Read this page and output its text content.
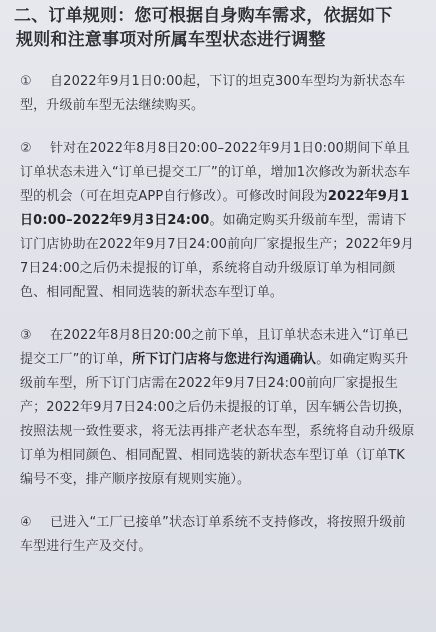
二、订单规则：您可根据自身购车需求，依据如下
规则和注意事项对所属车型状态进行调整

① 自2022年9月1日0:00起，下订的坦克300车型均为新状态车型，升级前车型无法继续购买。

② 针对在2022年8月8日20:00–2022年9月1日0:00期间下单且订单状态未进入“订单已提交工厂”的订单，增加1次修改为新状态车型的机会（可在坦克APP自行修改）。可修改时间段为2022年9月1日0:00–2022年9月3日24:00。如确定购买升级前车型，需请下订门店协助在2022年9月7日24:00前向厂家提报生产；2022年9月7日24:00之后仍未提报的订单，系统将自动升级原订单为相同颜色、相同配置、相同选装的新状态车型订单。

③ 在2022年8月8日20:00之前下单，且订单状态未进入“订单已提交工厂”的订单，所下订门店将与您进行沟通确认。如确定购买升级前车型，所下订门店需在2022年9月7日24:00前向厂家提报生产；2022年9月7日24:00之后仍未提报的订单，因车辆公告切换，按照法规一致性要求，将无法再排产老状态车型，系统将自动升级原订单为相同颜色、相同配置、相同选装的新状态车型订单（订单TK编号不变，排产顺序按原有规则实施）。

④ 已进入“工厂已接单”状态订单系统不支持修改，将按照升级前车型进行生产及交付。
